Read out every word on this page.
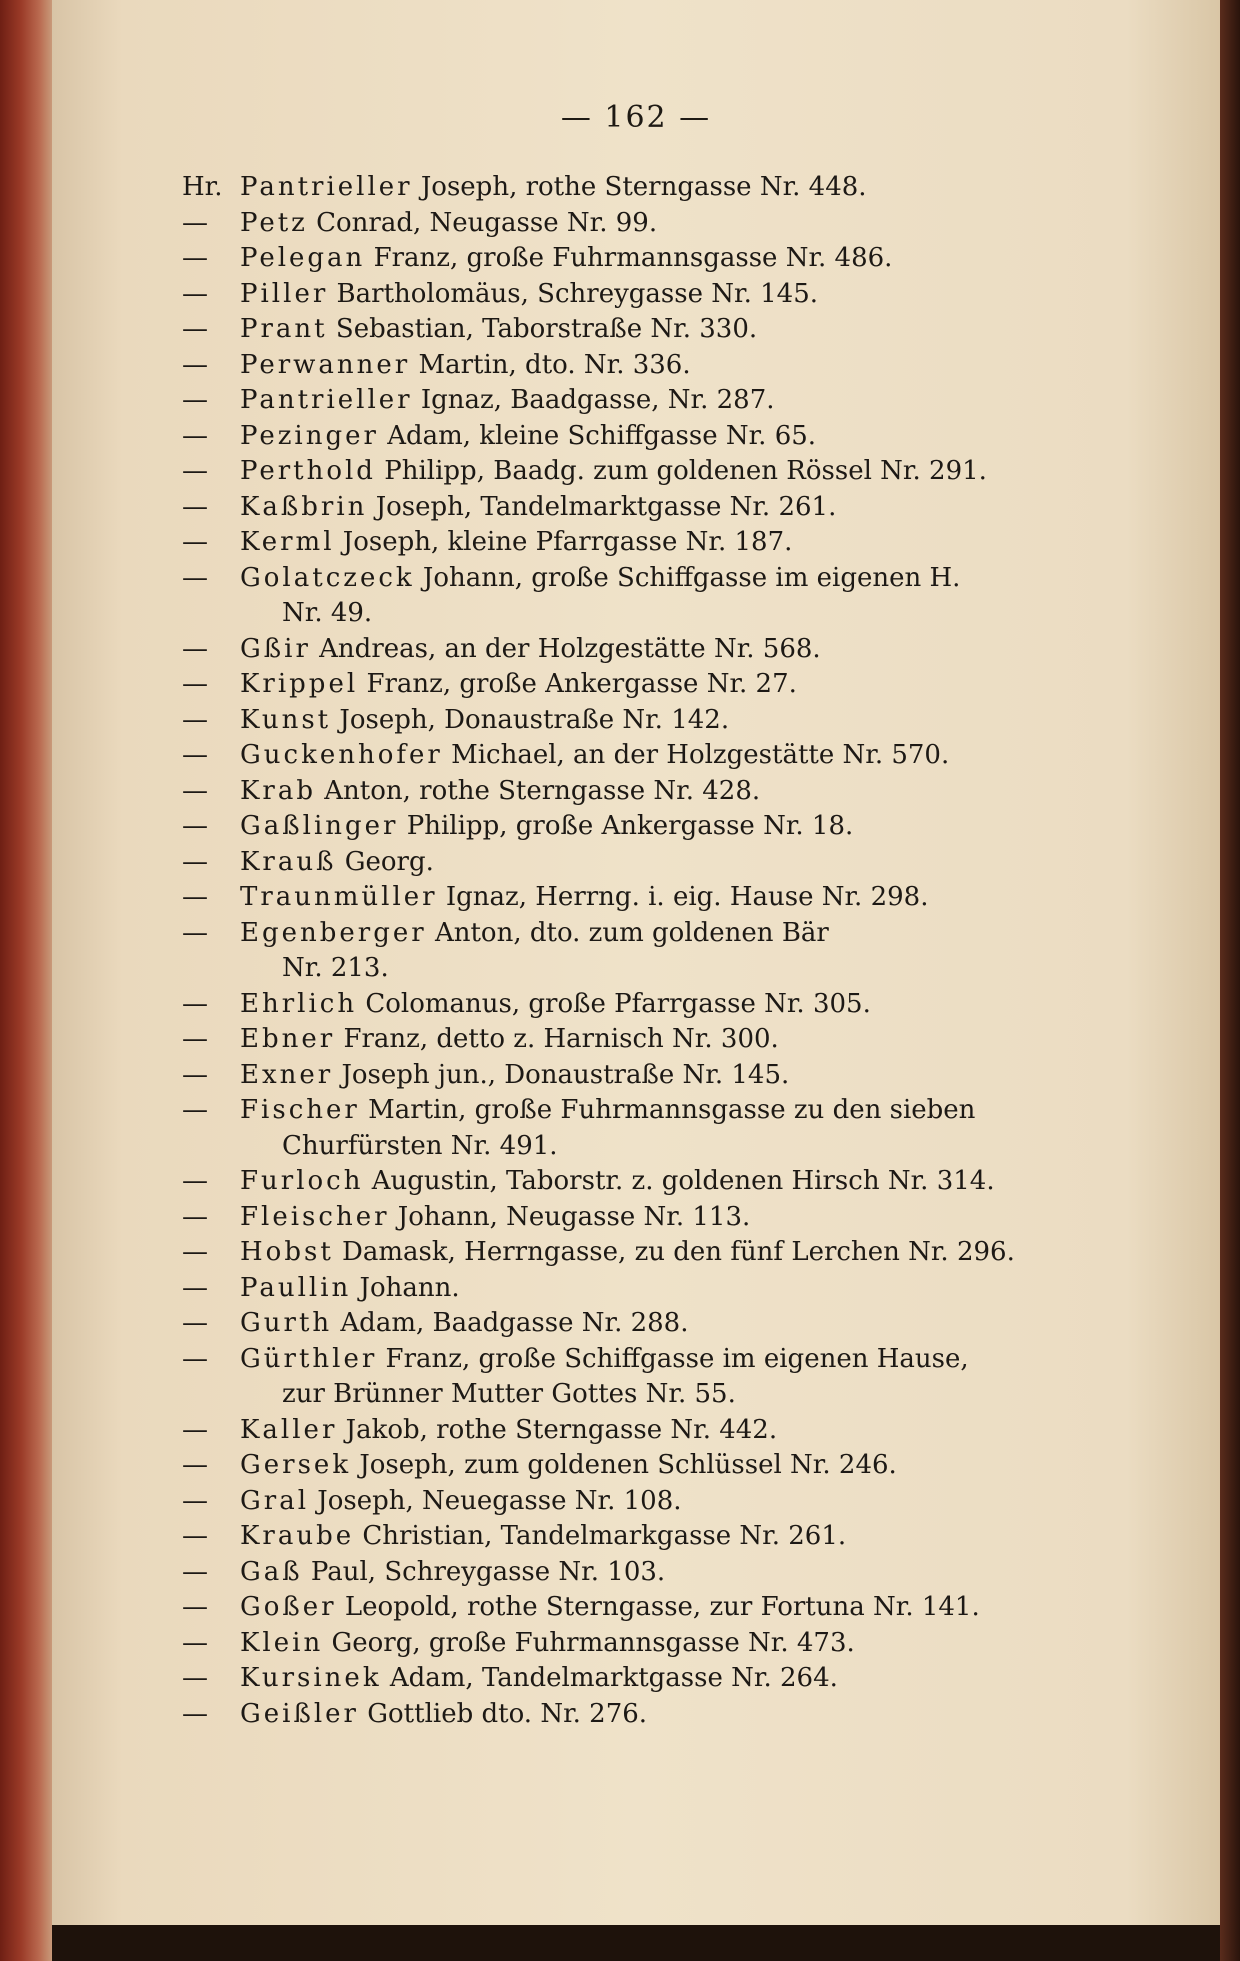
— 162 —
Hr. Pantrieller Joseph, rothe Sterngasse Nr. 448.
— Petz Conrad, Neugasse Nr. 99.
— Pelegan Franz, große Fuhrmannsgasse Nr. 486.
— Piller Bartholomäus, Schreygasse Nr. 145.
— Prant Sebastian, Taborstraße Nr. 330.
— Perwanner Martin, dto. Nr. 336.
— Pantrieller Ignaz, Baadgasse, Nr. 287.
— Pezinger Adam, kleine Schiffgasse Nr. 65.
— Perthold Philipp, Baadg. zum goldenen Rössel Nr. 291.
— Kaßbrin Joseph, Tandelmarktgasse Nr. 261.
— Kerml Joseph, kleine Pfarrgasse Nr. 187.
— Golatczeck Johann, große Schiffgasse im eigenen H.
Nr. 49.
— Gßir Andreas, an der Holzgestätte Nr. 568.
— Krippel Franz, große Ankergasse Nr. 27.
— Kunst Joseph, Donaustraße Nr. 142.
— Guckenhofer Michael, an der Holzgestätte Nr. 570.
— Krab Anton, rothe Sterngasse Nr. 428.
— Gaßlinger Philipp, große Ankergasse Nr. 18.
— Krauß Georg.
— Traunmüller Ignaz, Herrng. i. eig. Hause Nr. 298.
— Egenberger Anton, dto. zum goldenen Bär
Nr. 213.
— Ehrlich Colomanus, große Pfarrgasse Nr. 305.
— Ebner Franz, detto z. Harnisch Nr. 300.
— Exner Joseph jun., Donaustraße Nr. 145.
— Fischer Martin, große Fuhrmannsgasse zu den sieben
Churfürsten Nr. 491.
— Furloch Augustin, Taborstr. z. goldenen Hirsch Nr. 314.
— Fleischer Johann, Neugasse Nr. 113.
— Hobst Damask, Herrngasse, zu den fünf Lerchen Nr. 296.
— Paullin Johann.
— Gurth Adam, Baadgasse Nr. 288.
— Gürthler Franz, große Schiffgasse im eigenen Hause,
zur Brünner Mutter Gottes Nr. 55.
— Kaller Jakob, rothe Sterngasse Nr. 442.
— Gersek Joseph, zum goldenen Schlüssel Nr. 246.
— Gral Joseph, Neuegasse Nr. 108.
— Kraube Christian, Tandelmarkgasse Nr. 261.
— Gaß Paul, Schreygasse Nr. 103.
— Goßer Leopold, rothe Sterngasse, zur Fortuna Nr. 141.
— Klein Georg, große Fuhrmannsgasse Nr. 473.
— Kursinek Adam, Tandelmarktgasse Nr. 264.
— Geißler Gottlieb dto. Nr. 276.
